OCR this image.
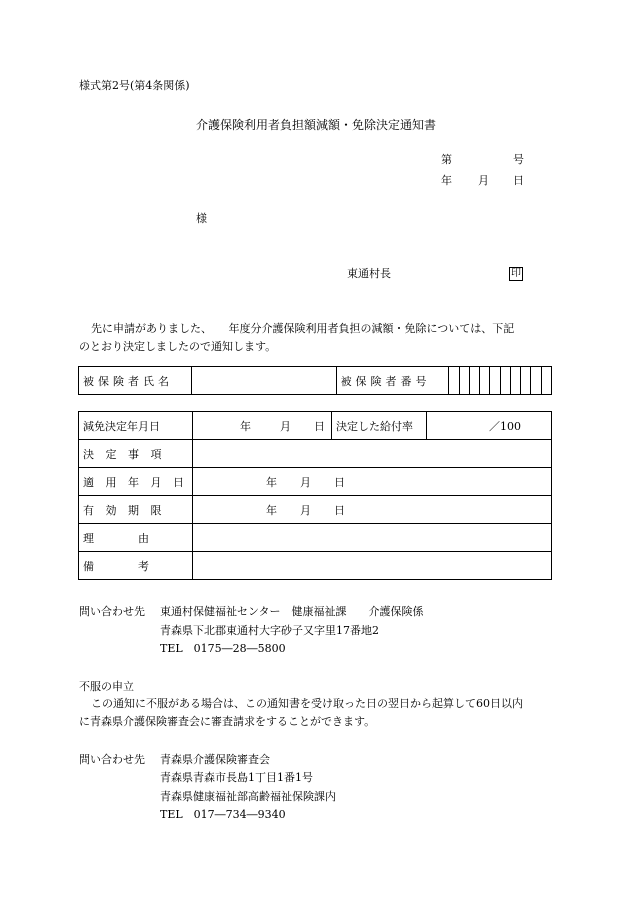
様式第2号(第4条関係)
介護保険利用者負担額減額・免除決定通知書
第	号
年 月 日
様
東通村長	印
先に申請がありました、　　年度分介護保険利用者負担の減額・免除については、下記
のとおり決定しましたので通知します。
被保険者氏名		被保険者番号										
減免決定年月日	年 月 日	決定した給付率	／100
決 定 事 項			
適 用 年 月 日	年 月 日		
有 効 期 限	年 月 日		
理　　　　由			
備　　　　考			
問い合わせ先 東通村保健福祉センター　健康福祉課　　介護保険係
青森県下北郡東通村大字砂子又字里17番地2
TEL　0175―28―5800
不服の申立
この通知に不服がある場合は、この通知書を受け取った日の翌日から起算して60日以内
に青森県介護保険審査会に審査請求をすることができます。
問い合わせ先 青森県介護保険審査会
青森県青森市長島1丁目1番1号
青森県健康福祉部高齢福祉保険課内
TEL　017―734―9340
